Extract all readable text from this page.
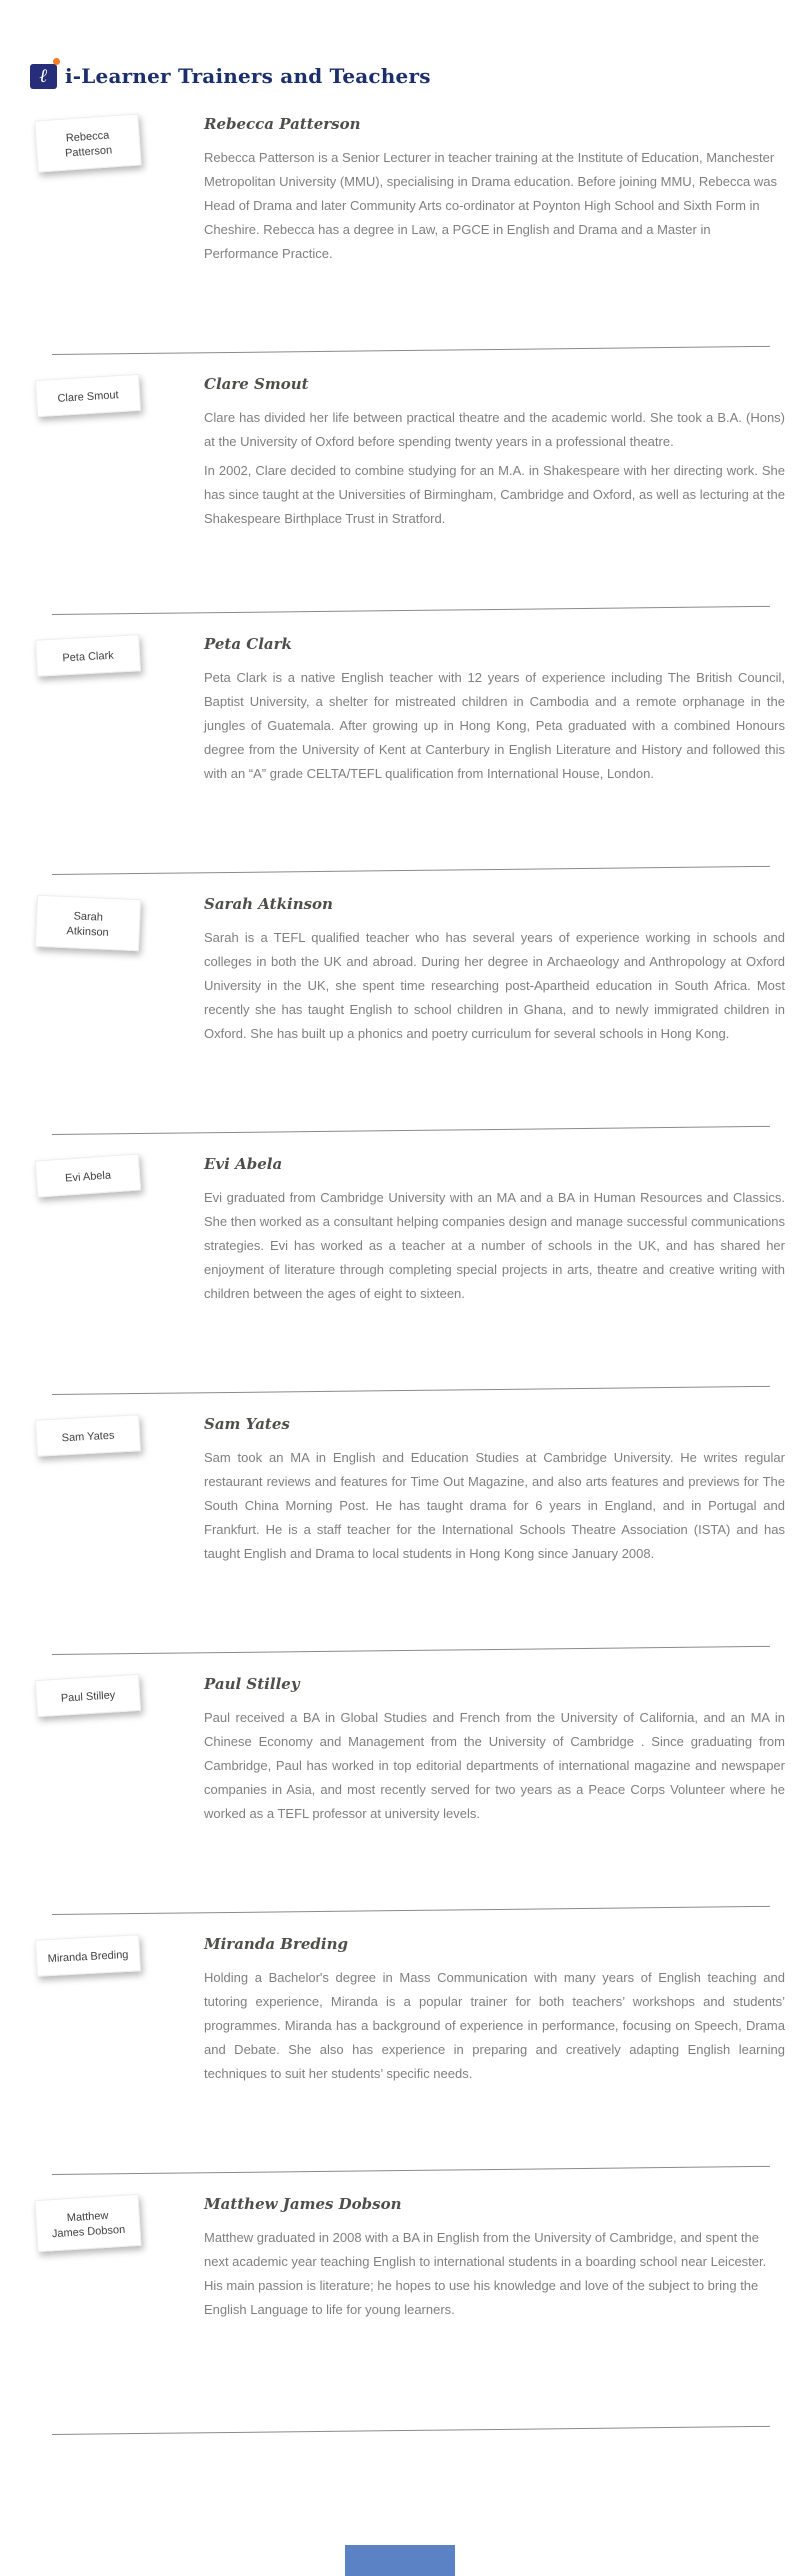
ℓ i-Learner Trainers and Teachers
Rebecca Patterson
Rebecca Patterson

Rebecca Patterson is a Senior Lecturer in teacher training at the Institute of Education, Manchester Metropolitan University (MMU), specialising in Drama education. Before joining MMU, Rebecca was Head of Drama and later Community Arts co-ordinator at Poynton High School and Sixth Form in Cheshire. Rebecca has a degree in Law, a PGCE in English and Drama and a Master in Performance Practice.

Clare Smout
Clare Smout

Clare has divided her life between practical theatre and the academic world. She took a B.A. (Hons) at the University of Oxford before spending twenty years in a professional theatre.

In 2002, Clare decided to combine studying for an M.A. in Shakespeare with her directing work. She has since taught at the Universities of Birmingham, Cambridge and Oxford, as well as lecturing at the Shakespeare Birthplace Trust in Stratford.

Peta Clark
Peta Clark

Peta Clark is a native English teacher with 12 years of experience including The British Council, Baptist University, a shelter for mistreated children in Cambodia and a remote orphanage in the jungles of Guatemala. After growing up in Hong Kong, Peta graduated with a combined Honours degree from the University of Kent at Canterbury in English Literature and History and followed this with an “A” grade CELTA/TEFL qualification from International House, London.

Sarah
Atkinson
Sarah Atkinson

Sarah is a TEFL qualified teacher who has several years of experience working in schools and colleges in both the UK and abroad. During her degree in Archaeology and Anthropology at Oxford University in the UK, she spent time researching post-Apartheid education in South Africa. Most recently she has taught English to school children in Ghana, and to newly immigrated children in Oxford. She has built up a phonics and poetry curriculum for several schools in Hong Kong.

Evi Abela
Evi Abela

Evi graduated from Cambridge University with an MA and a BA in Human Resources and Classics. She then worked as a consultant helping companies design and manage successful communications strategies. Evi has worked as a teacher at a number of schools in the UK, and has shared her enjoyment of literature through completing special projects in arts, theatre and creative writing with children between the ages of eight to sixteen.

Sam Yates
Sam Yates

Sam took an MA in English and Education Studies at Cambridge University. He writes regular restaurant reviews and features for Time Out Magazine, and also arts features and previews for The South China Morning Post. He has taught drama for 6 years in England, and in Portugal and Frankfurt. He is a staff teacher for the International Schools Theatre Association (ISTA) and has taught English and Drama to local students in Hong Kong since January 2008.

Paul Stilley
Paul Stilley

Paul received a BA in Global Studies and French from the University of California, and an MA in Chinese Economy and Management from the University of Cambridge . Since graduating from Cambridge, Paul has worked in top editorial departments of international magazine and newspaper companies in Asia, and most recently served for two years as a Peace Corps Volunteer where he worked as a TEFL professor at university levels.

Miranda Breding
Miranda Breding

Holding a Bachelor's degree in Mass Communication with many years of English teaching and tutoring experience, Miranda is a popular trainer for both teachers’ workshops and students’ programmes. Miranda has a background of experience in performance, focusing on Speech, Drama and Debate. She also has experience in preparing and creatively adapting English learning techniques to suit her students’ specific needs.

Matthew
James Dobson
Matthew James Dobson

Matthew graduated in 2008 with a BA in English from the University of Cambridge, and spent the next academic year teaching English to international students in a boarding school near Leicester. His main passion is literature; he hopes to use his knowledge and love of the subject to bring the English Language to life for young learners.
